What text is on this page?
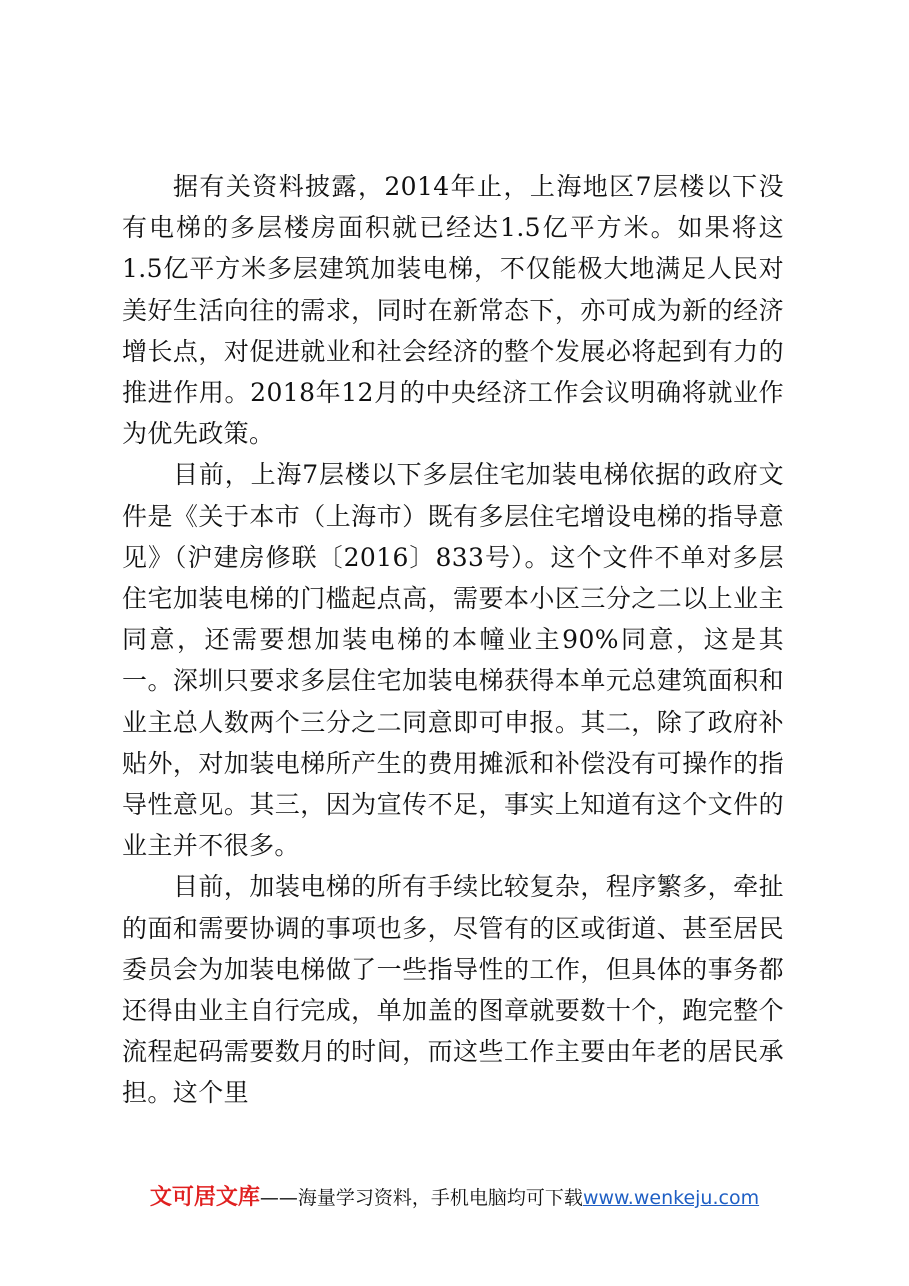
据有关资料披露，2014年止，上海地区7层楼以下没有电梯的多层楼房面积就已经达1.5亿平方米。如果将这1.5亿平方米多层建筑加装电梯，不仅能极大地满足人民对美好生活向往的需求，同时在新常态下，亦可成为新的经济增长点，对促进就业和社会经济的整个发展必将起到有力的推进作用。2018年12月的中央经济工作会议明确将就业作为优先政策。

目前，上海7层楼以下多层住宅加装电梯依据的政府文件是《关于本市（上海市）既有多层住宅增设电梯的指导意见》（沪建房修联〔2016〕833号）。这个文件不单对多层住宅加装电梯的门槛起点高，需要本小区三分之二以上业主同意，还需要想加装电梯的本幢业主90%同意，这是其一。深圳只要求多层住宅加装电梯获得本单元总建筑面积和业主总人数两个三分之二同意即可申报。其二，除了政府补贴外，对加装电梯所产生的费用摊派和补偿没有可操作的指导性意见。其三，因为宣传不足，事实上知道有这个文件的业主并不很多。

目前，加装电梯的所有手续比较复杂，程序繁多，牵扯的面和需要协调的事项也多，尽管有的区或街道、甚至居民委员会为加装电梯做了一些指导性的工作，但具体的事务都还得由业主自行完成，单加盖的图章就要数十个，跑完整个流程起码需要数月的时间，而这些工作主要由年老的居民承担。这个里

文可居文库——海量学习资料，手机电脑均可下载www.wenkeju.com
